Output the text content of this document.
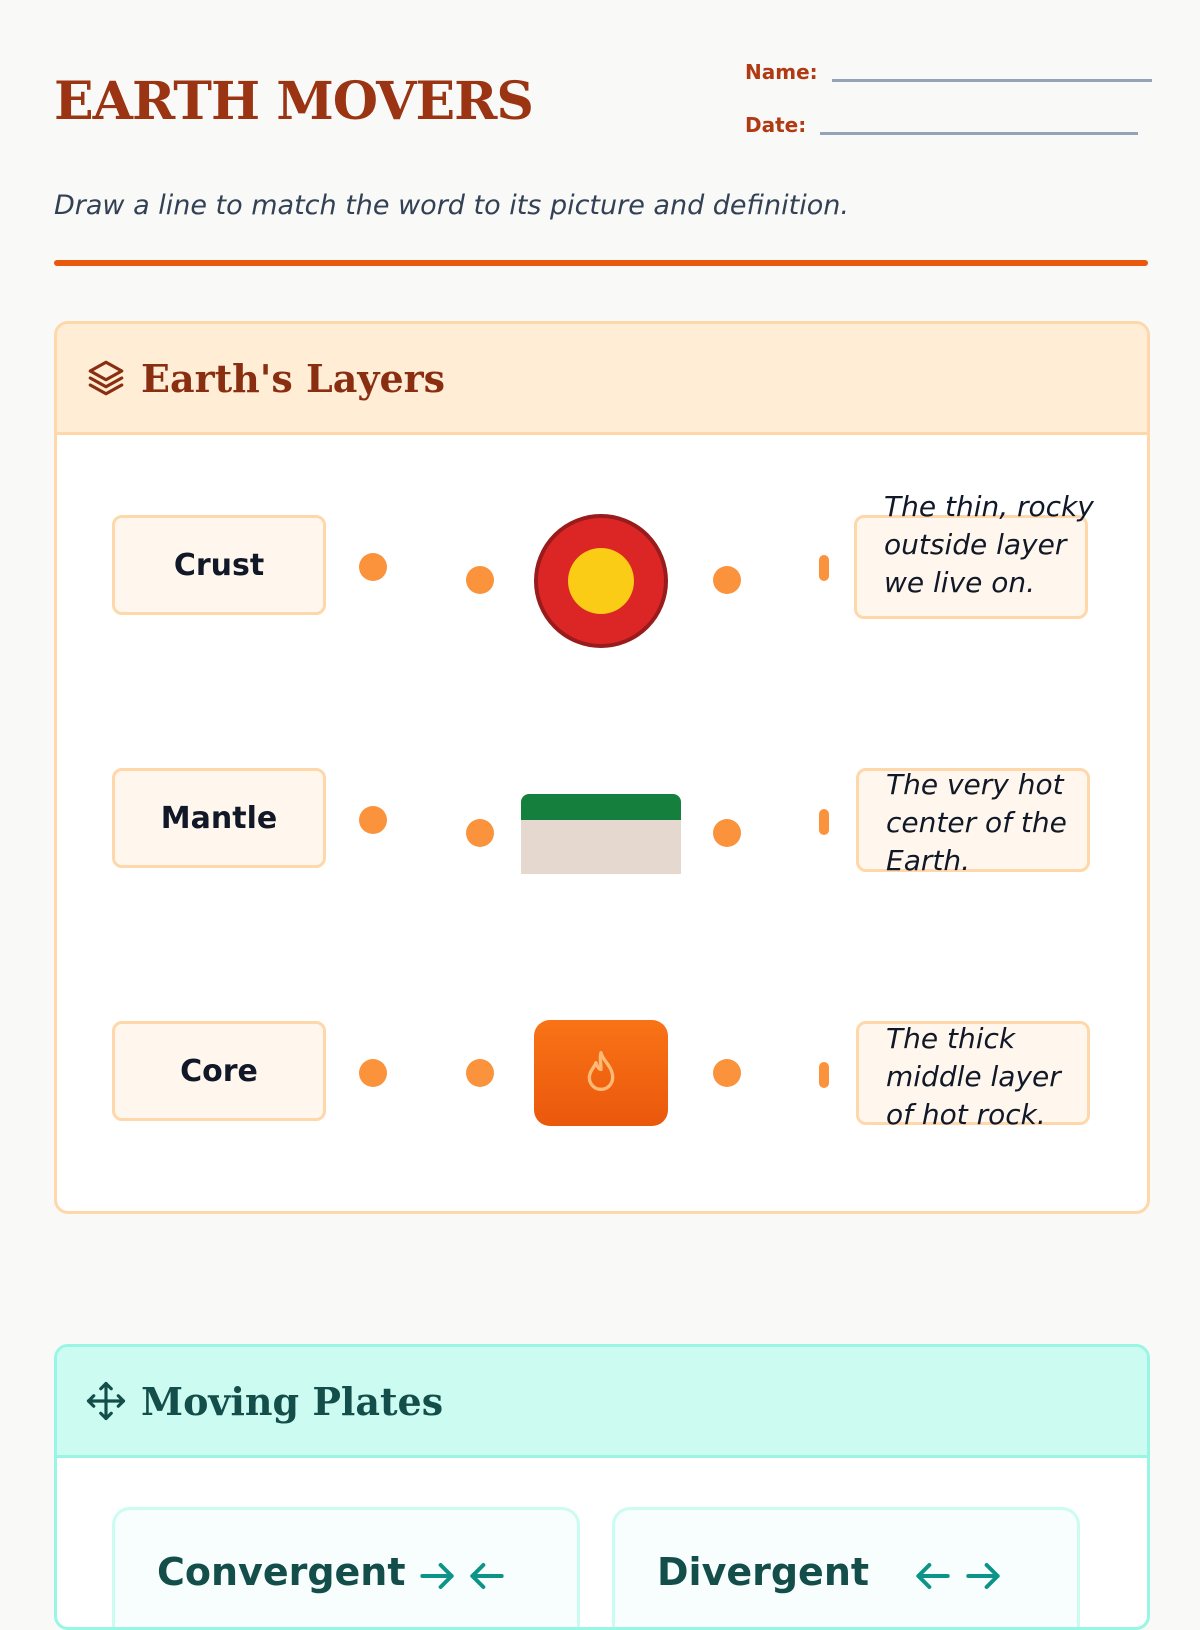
EARTH MOVERS	Name:
Date:
Draw a line to match the word to its picture and definition.
Earth's Layers
Crust
The thin, rocky outside layer we live on.
Mantle
The very hot center of the Earth.
Core
The thick middle layer of hot rock.
Moving Plates
Convergent	Divergent
